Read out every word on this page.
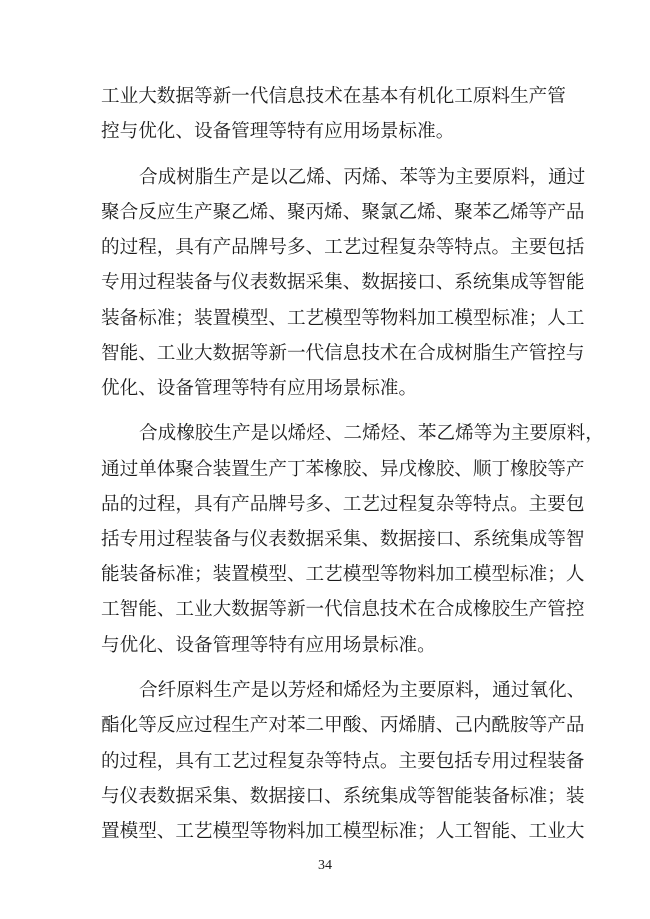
工业大数据等新一代信息技术在基本有机化工原料生产管
控与优化、设备管理等特有应用场景标准。

合成树脂生产是以乙烯、丙烯、苯等为主要原料，通过
聚合反应生产聚乙烯、聚丙烯、聚氯乙烯、聚苯乙烯等产品
的过程，具有产品牌号多、工艺过程复杂等特点。主要包括
专用过程装备与仪表数据采集、数据接口、系统集成等智能
装备标准；装置模型、工艺模型等物料加工模型标准；人工
智能、工业大数据等新一代信息技术在合成树脂生产管控与
优化、设备管理等特有应用场景标准。

合成橡胶生产是以烯烃、二烯烃、苯乙烯等为主要原料，
通过单体聚合装置生产丁苯橡胶、异戊橡胶、顺丁橡胶等产
品的过程，具有产品牌号多、工艺过程复杂等特点。主要包
括专用过程装备与仪表数据采集、数据接口、系统集成等智
能装备标准；装置模型、工艺模型等物料加工模型标准；人
工智能、工业大数据等新一代信息技术在合成橡胶生产管控
与优化、设备管理等特有应用场景标准。

合纤原料生产是以芳烃和烯烃为主要原料，通过氧化、
酯化等反应过程生产对苯二甲酸、丙烯腈、己内酰胺等产品
的过程，具有工艺过程复杂等特点。主要包括专用过程装备
与仪表数据采集、数据接口、系统集成等智能装备标准；装
置模型、工艺模型等物料加工模型标准；人工智能、工业大

34
